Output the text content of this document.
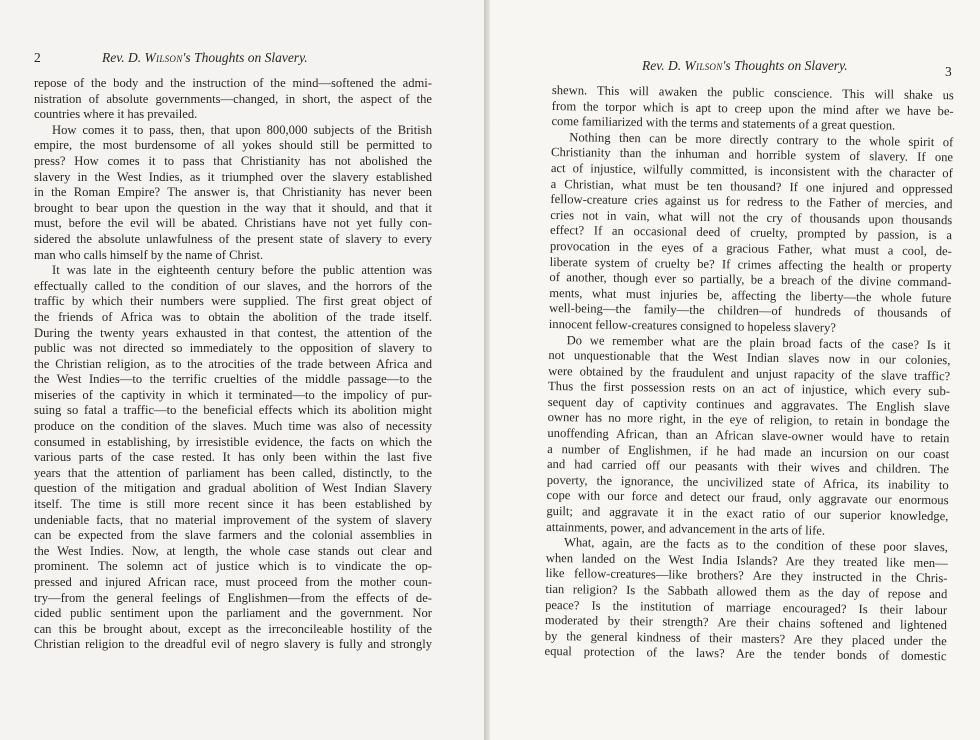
2	Rev. D. Wilson's Thoughts on Slavery.
repose of the body and the instruction of the mind—softened the admi-
nistration of absolute governments—changed, in short, the aspect of the
countries where it has prevailed.
How comes it to pass, then, that upon 800,000 subjects of the British
empire, the most burdensome of all yokes should still be permitted to
press? How comes it to pass that Christianity has not abolished the
slavery in the West Indies, as it triumphed over the slavery established
in the Roman Empire? The answer is, that Christianity has never been
brought to bear upon the question in the way that it should, and that it
must, before the evil will be abated. Christians have not yet fully con-
sidered the absolute unlawfulness of the present state of slavery to every
man who calls himself by the name of Christ.
It was late in the eighteenth century before the public attention was
effectually called to the condition of our slaves, and the horrors of the
traffic by which their numbers were supplied. The first great object of
the friends of Africa was to obtain the abolition of the trade itself.
During the twenty years exhausted in that contest, the attention of the
public was not directed so immediately to the opposition of slavery to
the Christian religion, as to the atrocities of the trade between Africa and
the West Indies—to the terrific cruelties of the middle passage—to the
miseries of the captivity in which it terminated—to the impolicy of pur-
suing so fatal a traffic—to the beneficial effects which its abolition might
produce on the condition of the slaves. Much time was also of necessity
consumed in establishing, by irresistible evidence, the facts on which the
various parts of the case rested. It has only been within the last five
years that the attention of parliament has been called, distinctly, to the
question of the mitigation and gradual abolition of West Indian Slavery
itself. The time is still more recent since it has been established by
undeniable facts, that no material improvement of the system of slavery
can be expected from the slave farmers and the colonial assemblies in
the West Indies. Now, at length, the whole case stands out clear and
prominent. The solemn act of justice which is to vindicate the op-
pressed and injured African race, must proceed from the mother coun-
try—from the general feelings of Englishmen—from the effects of de-
cided public sentiment upon the parliament and the government. Nor
can this be brought about, except as the irreconcileable hostility of the
Christian religion to the dreadful evil of negro slavery is fully and strongly
Rev. D. Wilson's Thoughts on Slavery.	3
shewn. This will awaken the public conscience. This will shake us
from the torpor which is apt to creep upon the mind after we have be-
come familiarized with the terms and statements of a great question.
Nothing then can be more directly contrary to the whole spirit of
Christianity than the inhuman and horrible system of slavery. If one
act of injustice, wilfully committed, is inconsistent with the character of
a Christian, what must be ten thousand? If one injured and oppressed
fellow-creature cries against us for redress to the Father of mercies, and
cries not in vain, what will not the cry of thousands upon thousands
effect? If an occasional deed of cruelty, prompted by passion, is a
provocation in the eyes of a gracious Father, what must a cool, de-
liberate system of cruelty be? If crimes affecting the health or property
of another, though ever so partially, be a breach of the divine command-
ments, what must injuries be, affecting the liberty—the whole future
well-being—the family—the children—of hundreds of thousands of
innocent fellow-creatures consigned to hopeless slavery?
Do we remember what are the plain broad facts of the case? Is it
not unquestionable that the West Indian slaves now in our colonies,
were obtained by the fraudulent and unjust rapacity of the slave traffic?
Thus the first possession rests on an act of injustice, which every sub-
sequent day of captivity continues and aggravates. The English slave
owner has no more right, in the eye of religion, to retain in bondage the
unoffending African, than an African slave-owner would have to retain
a number of Englishmen, if he had made an incursion on our coast
and had carried off our peasants with their wives and children. The
poverty, the ignorance, the uncivilized state of Africa, its inability to
cope with our force and detect our fraud, only aggravate our enormous
guilt; and aggravate it in the exact ratio of our superior knowledge,
attainments, power, and advancement in the arts of life.
What, again, are the facts as to the condition of these poor slaves,
when landed on the West India Islands? Are they treated like men—
like fellow-creatures—like brothers? Are they instructed in the Chris-
tian religion? Is the Sabbath allowed them as the day of repose and
peace? Is the institution of marriage encouraged? Is their labour
moderated by their strength? Are their chains softened and lightened
by the general kindness of their masters? Are they placed under the
equal protection of the laws? Are the tender bonds of domestic
